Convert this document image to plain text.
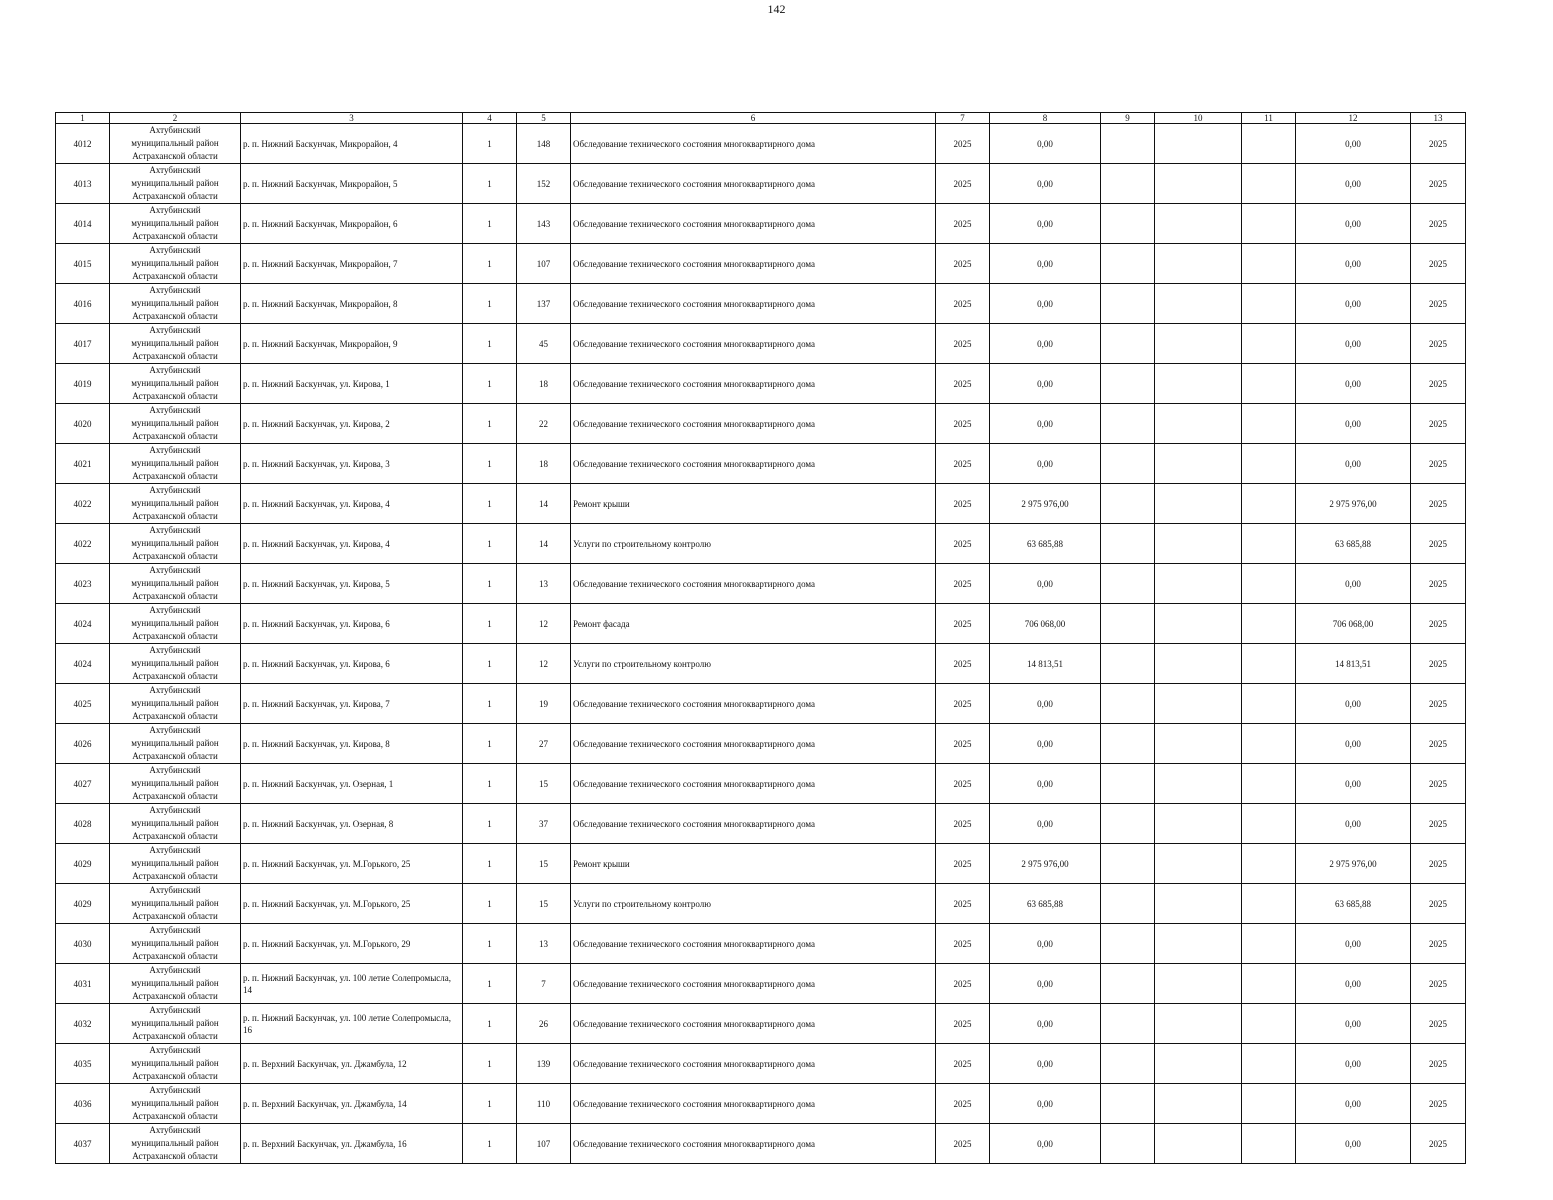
142
1	2	3	4	5	6	7	8	9	10	11	12	13
4012	Ахтубинский
муниципальный район
Астраханской области	р. п. Нижний Баскунчак, Микрорайон, 4	1	148	Обследование технического состояния многоквартирного дома	2025	0,00				0,00	2025
4013	Ахтубинский
муниципальный район
Астраханской области	р. п. Нижний Баскунчак, Микрорайон, 5	1	152	Обследование технического состояния многоквартирного дома	2025	0,00				0,00	2025
4014	Ахтубинский
муниципальный район
Астраханской области	р. п. Нижний Баскунчак, Микрорайон, 6	1	143	Обследование технического состояния многоквартирного дома	2025	0,00				0,00	2025
4015	Ахтубинский
муниципальный район
Астраханской области	р. п. Нижний Баскунчак, Микрорайон, 7	1	107	Обследование технического состояния многоквартирного дома	2025	0,00				0,00	2025
4016	Ахтубинский
муниципальный район
Астраханской области	р. п. Нижний Баскунчак, Микрорайон, 8	1	137	Обследование технического состояния многоквартирного дома	2025	0,00				0,00	2025
4017	Ахтубинский
муниципальный район
Астраханской области	р. п. Нижний Баскунчак, Микрорайон, 9	1	45	Обследование технического состояния многоквартирного дома	2025	0,00				0,00	2025
4019	Ахтубинский
муниципальный район
Астраханской области	р. п. Нижний Баскунчак, ул. Кирова, 1	1	18	Обследование технического состояния многоквартирного дома	2025	0,00				0,00	2025
4020	Ахтубинский
муниципальный район
Астраханской области	р. п. Нижний Баскунчак, ул. Кирова, 2	1	22	Обследование технического состояния многоквартирного дома	2025	0,00				0,00	2025
4021	Ахтубинский
муниципальный район
Астраханской области	р. п. Нижний Баскунчак, ул. Кирова, 3	1	18	Обследование технического состояния многоквартирного дома	2025	0,00				0,00	2025
4022	Ахтубинский
муниципальный район
Астраханской области	р. п. Нижний Баскунчак, ул. Кирова, 4	1	14	Ремонт крыши	2025	2 975 976,00				2 975 976,00	2025
4022	Ахтубинский
муниципальный район
Астраханской области	р. п. Нижний Баскунчак, ул. Кирова, 4	1	14	Услуги по строительному контролю	2025	63 685,88				63 685,88	2025
4023	Ахтубинский
муниципальный район
Астраханской области	р. п. Нижний Баскунчак, ул. Кирова, 5	1	13	Обследование технического состояния многоквартирного дома	2025	0,00				0,00	2025
4024	Ахтубинский
муниципальный район
Астраханской области	р. п. Нижний Баскунчак, ул. Кирова, 6	1	12	Ремонт фасада	2025	706 068,00				706 068,00	2025
4024	Ахтубинский
муниципальный район
Астраханской области	р. п. Нижний Баскунчак, ул. Кирова, 6	1	12	Услуги по строительному контролю	2025	14 813,51				14 813,51	2025
4025	Ахтубинский
муниципальный район
Астраханской области	р. п. Нижний Баскунчак, ул. Кирова, 7	1	19	Обследование технического состояния многоквартирного дома	2025	0,00				0,00	2025
4026	Ахтубинский
муниципальный район
Астраханской области	р. п. Нижний Баскунчак, ул. Кирова, 8	1	27	Обследование технического состояния многоквартирного дома	2025	0,00				0,00	2025
4027	Ахтубинский
муниципальный район
Астраханской области	р. п. Нижний Баскунчак, ул. Озерная, 1	1	15	Обследование технического состояния многоквартирного дома	2025	0,00				0,00	2025
4028	Ахтубинский
муниципальный район
Астраханской области	р. п. Нижний Баскунчак, ул. Озерная, 8	1	37	Обследование технического состояния многоквартирного дома	2025	0,00				0,00	2025
4029	Ахтубинский
муниципальный район
Астраханской области	р. п. Нижний Баскунчак, ул. М.Горького, 25	1	15	Ремонт крыши	2025	2 975 976,00				2 975 976,00	2025
4029	Ахтубинский
муниципальный район
Астраханской области	р. п. Нижний Баскунчак, ул. М.Горького, 25	1	15	Услуги по строительному контролю	2025	63 685,88				63 685,88	2025
4030	Ахтубинский
муниципальный район
Астраханской области	р. п. Нижний Баскунчак, ул. М.Горького, 29	1	13	Обследование технического состояния многоквартирного дома	2025	0,00				0,00	2025
4031	Ахтубинский
муниципальный район
Астраханской области	р. п. Нижний Баскунчак, ул. 100 летие Солепромысла, 14	1	7	Обследование технического состояния многоквартирного дома	2025	0,00				0,00	2025
4032	Ахтубинский
муниципальный район
Астраханской области	р. п. Нижний Баскунчак, ул. 100 летие Солепромысла, 16	1	26	Обследование технического состояния многоквартирного дома	2025	0,00				0,00	2025
4035	Ахтубинский
муниципальный район
Астраханской области	р. п. Верхний Баскунчак, ул. Джамбула, 12	1	139	Обследование технического состояния многоквартирного дома	2025	0,00				0,00	2025
4036	Ахтубинский
муниципальный район
Астраханской области	р. п. Верхний Баскунчак, ул. Джамбула, 14	1	110	Обследование технического состояния многоквартирного дома	2025	0,00				0,00	2025
4037	Ахтубинский
муниципальный район
Астраханской области	р. п. Верхний Баскунчак, ул. Джамбула, 16	1	107	Обследование технического состояния многоквартирного дома	2025	0,00				0,00	2025
